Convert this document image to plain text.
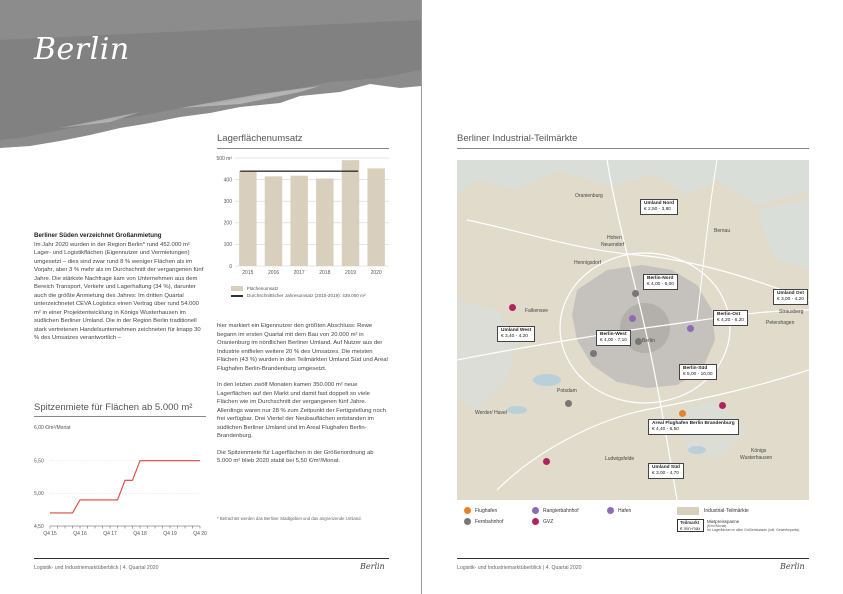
Berlin
Lagerflächenumsatz
0
100
200
300
400
500 m²
2015	2016	2017	2018	2019	2020
Flächenumsatz
Durchschnittlicher Jahresumsatz (2015-2019): 439.000 m²
Berliner Süden verzeichnet Großanmietung

Im Jahr 2020 wurden in der Region Berlin* rund 452.000 m² Lager- und Logistikflächen (Eigennutzer und Vermietungen) umgesetzt – dies sind zwar rund 8 % weniger Flächen als im Vorjahr, aber 3 % mehr als im Durchschnitt der vergangenen fünf Jahre. Die stärkste Nachfrage kam von Unternehmen aus dem Bereich Transport, Verkehr und Lagerhaltung (34 %), darunter auch die größte Anmietung des Jahres: Im dritten Quartal unterzeichnetet CEVA Logistics einen Vertrag über rund 54.000 m² in einer Projektentwicklung in Königs Wusterhausen im südlichen Berliner Umland. Die in der Region Berlin traditionell stark vertretenen Handelsunternehmen zeichneten für knapp 30 % des Umsatzes verantwortlich –

hier markiert ein Eigennutzer den größten Abschluss: Rewe begann im ersten Quartal mit dem Bau von 20.000 m² in Oranienburg im nördlichen Berliner Umland. Auf Nutzer aus der Industrie entfielen weitere 20 % des Umsatzes. Die meisten Flächen (43 %) wurden in den Teilmärkten Umland Süd und Areal Flughafen Berlin-Brandenburg umgesetzt.

In den letzten zwölf Monaten kamen 350.000 m² neue Lagerflächen auf den Markt und damit fast doppelt so viele Flächen wie im Durchschnitt der vergangenen fünf Jahre. Allerdings waren nur 28 % zum Zeitpunkt der Fertigstellung noch frei verfügbar. Drei Viertel der Neubauflächen entstanden im südlichen Berliner Umland und im Areal Flughafen Berlin-Brandenburg.

Die Spitzenmiete für Lagerflächen in der Größenordnung ab 5.000 m² blieb 2020 stabil bei 5,50 €/m²/Monat.

* Betrachtet werden das Berliner Stadtgebiet und das angrenzende Umland.
Spitzenmiete für Flächen ab 5.000 m²
6,00 €/m²/Monat
4,50
5,00
5,50
Q4 15	Q4 16	Q4 17	Q4 18	Q4 19	Q4 20
Logistik- und Industriemarktüberblick | 4. Quartal 2020	Berlin
Berliner Industrial-Teilmärkte
Oranienburg
Hohen
Neuendorf
Hennigsdorf
Bernau
Falkensee
Berlin
Potsdam
Werder/ Havel
Ludwigsfelde
Königs
Wusterhausen
Strausberg
Petershagen
Umland Nord
€ 2,50 - 3,80
Berlin-Nord
€ 4,00 - 6,00
Umland Ost
€ 3,00 - 4,20
Berlin-Ost
€ 4,20 - 6,20
Umland West
€ 3,40 - 4,20	Berlin-West
€ 4,00 - 7,10
Berlin-Süd
€ 5,00 - 10,00
Areal Flughafen Berlin Brandenburg
€ 4,40 - 6,50
Umland Süd
€ 3,00 - 4,70
Flughafen
Fernbahnhof
Rangierbahnhof
GVZ
Hafen	Industrial-Teilmärkte
Teilmarkt
€ min-max
Mietpreisspanne
(€/m²/Monat)
für Lagerflächen in allen Größenklassen (inkl. Gewerbeparks)
Logistik- und Industriemarktüberblick | 4. Quartal 2020	Berlin
